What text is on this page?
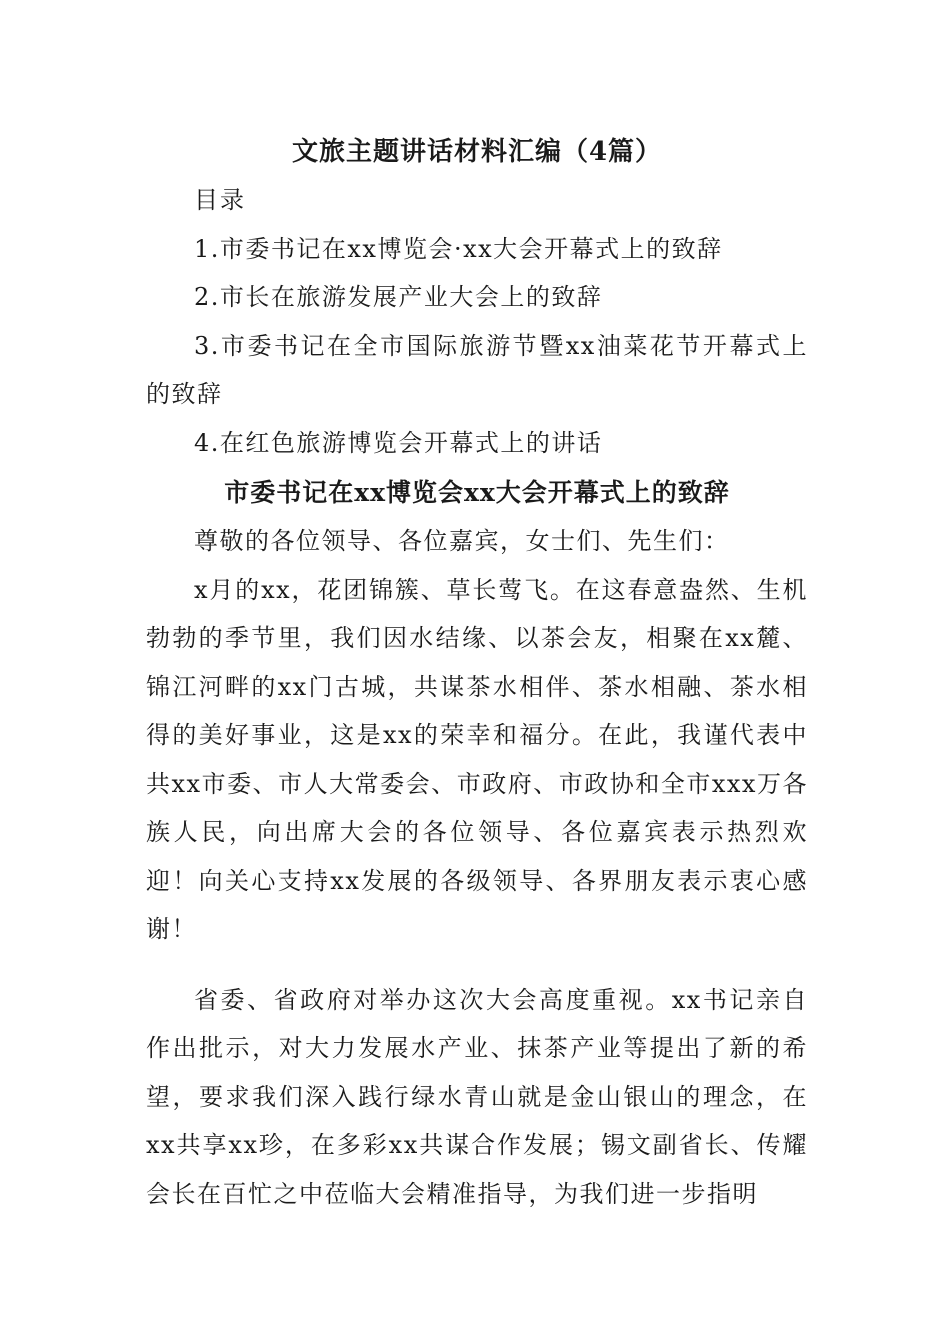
文旅主题讲话材料汇编（4篇）

目录

1.市委书记在xx博览会·xx大会开幕式上的致辞

2.市长在旅游发展产业大会上的致辞

3.市委书记在全市国际旅游节暨xx油菜花节开幕式上的致辞

4.在红色旅游博览会开幕式上的讲话

市委书记在xx博览会xx大会开幕式上的致辞

尊敬的各位领导、各位嘉宾，女士们、先生们：

x月的xx，花团锦簇、草长莺飞。在这春意盎然、生机勃勃的季节里，我们因水结缘、以茶会友，相聚在xx麓、锦江河畔的xx门古城，共谋茶水相伴、茶水相融、茶水相得的美好事业，这是xx的荣幸和福分。在此，我谨代表中共xx市委、市人大常委会、市政府、市政协和全市xxx万各族人民，向出席大会的各位领导、各位嘉宾表示热烈欢迎！向关心支持xx发展的各级领导、各界朋友表示衷心感谢！

省委、省政府对举办这次大会高度重视。xx书记亲自作出批示，对大力发展水产业、抹茶产业等提出了新的希望，要求我们深入践行绿水青山就是金山银山的理念，在xx共享xx珍，在多彩xx共谋合作发展；锡文副省长、传耀会长在百忙之中莅临大会精准指导，为我们进一步指明
